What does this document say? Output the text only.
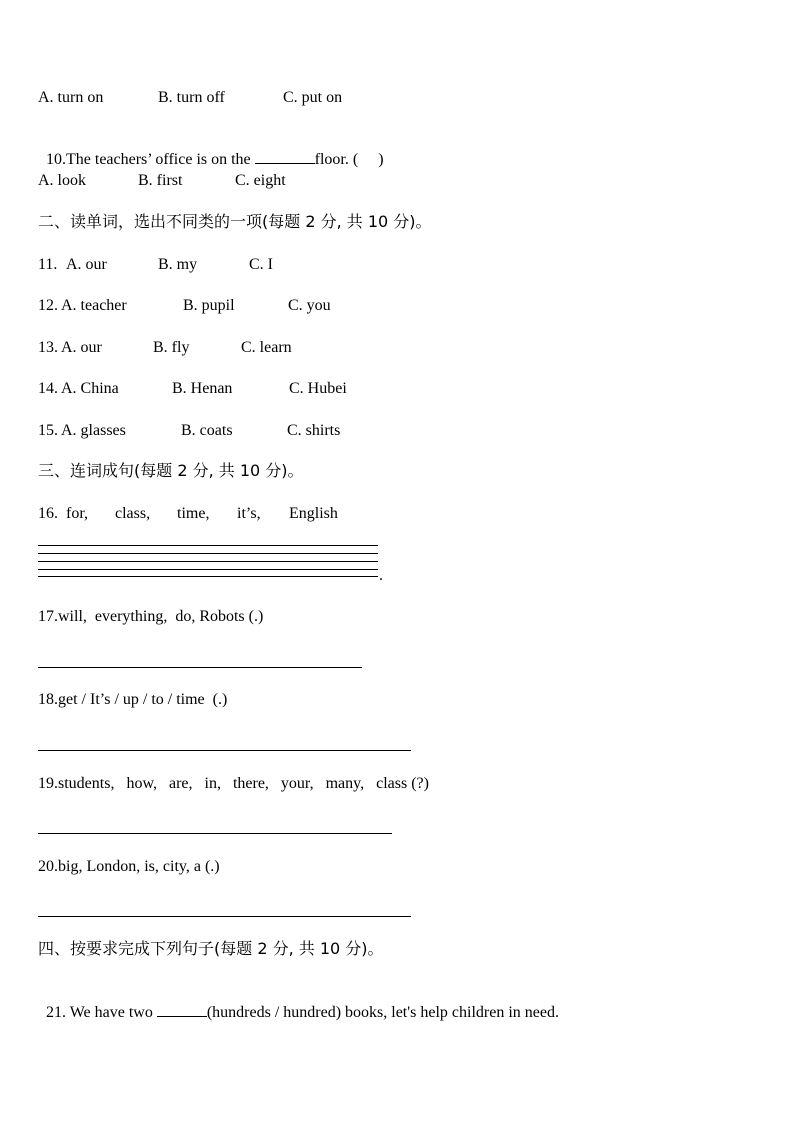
A. turn on	B. turn off	C. put on

10.The teachers’ office is on the	floor. (     )

A. look	B. first	C. eight
二、读单词，选出不同类的一项(每题 2 分, 共 10 分)。
11. A. our	B. my	C. I
12. A. teacher	B. pupil	C. you
13. A. our	B. fly	C. learn
14. A. China	B. Henan	C. Hubei
15. A. glasses	B. coats	C. shirts
三、连词成句(每题 2 分, 共 10 分)。
16. for, class, time, it’s, English
.
17.will,  everything,  do, Robots (.)
18.get / It’s / up / to / time  (.)
19.students,   how,   are,   in,   there,   your,   many,   class (?)
20.big, London, is, city, a (.)
四、按要求完成下列句子(每题 2 分, 共 10 分)。

21. We have two	(hundreds / hundred) books, let's help children in need.
